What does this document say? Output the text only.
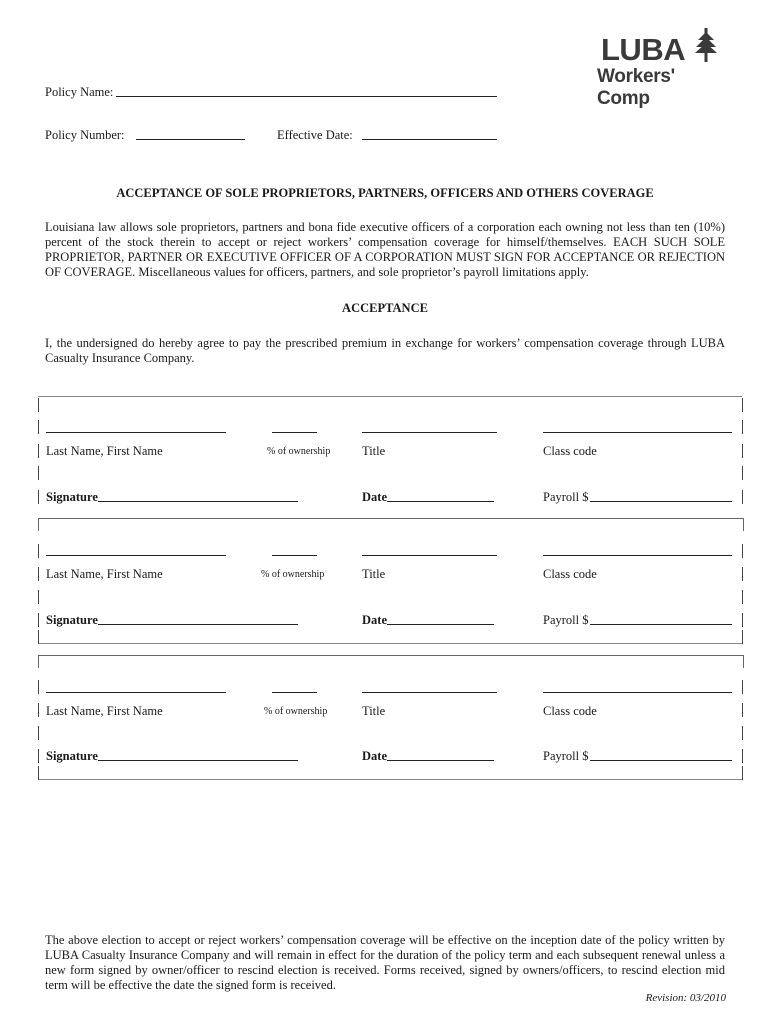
LUBA
Workers' Comp
Policy Name:
Policy Number:	Effective Date:
ACCEPTANCE OF SOLE PROPRIETORS, PARTNERS, OFFICERS AND OTHERS COVERAGE
Louisiana law allows sole proprietors, partners and bona fide executive officers of a corporation each owning not less than ten (10%) percent of the stock therein to accept or reject workers’ compensation coverage for himself/themselves. EACH SUCH SOLE PROPRIETOR, PARTNER OR EXECUTIVE OFFICER OF A CORPORATION MUST SIGN FOR ACCEPTANCE OR REJECTION OF COVERAGE. Miscellaneous values for officers, partners, and sole proprietor’s payroll limitations apply.
ACCEPTANCE
I, the undersigned do hereby agree to pay the prescribed premium in exchange for workers’ compensation coverage through LUBA Casualty Insurance Company.
Last Name, First Name	% of ownership	Title	Class code
Signature	Date	Payroll $
Last Name, First Name	% of ownership	Title	Class code
Signature	Date	Payroll $
Last Name, First Name	% of ownership	Title	Class code
Signature	Date	Payroll $
The above election to accept or reject workers’ compensation coverage will be effective on the inception date of the policy written by LUBA Casualty Insurance Company and will remain in effect for the duration of the policy term and each subsequent renewal unless a new form signed by owner/officer to rescind election is received. Forms received, signed by owners/officers, to rescind election mid term will be effective the date the signed form is received.
Revision: 03/2010
